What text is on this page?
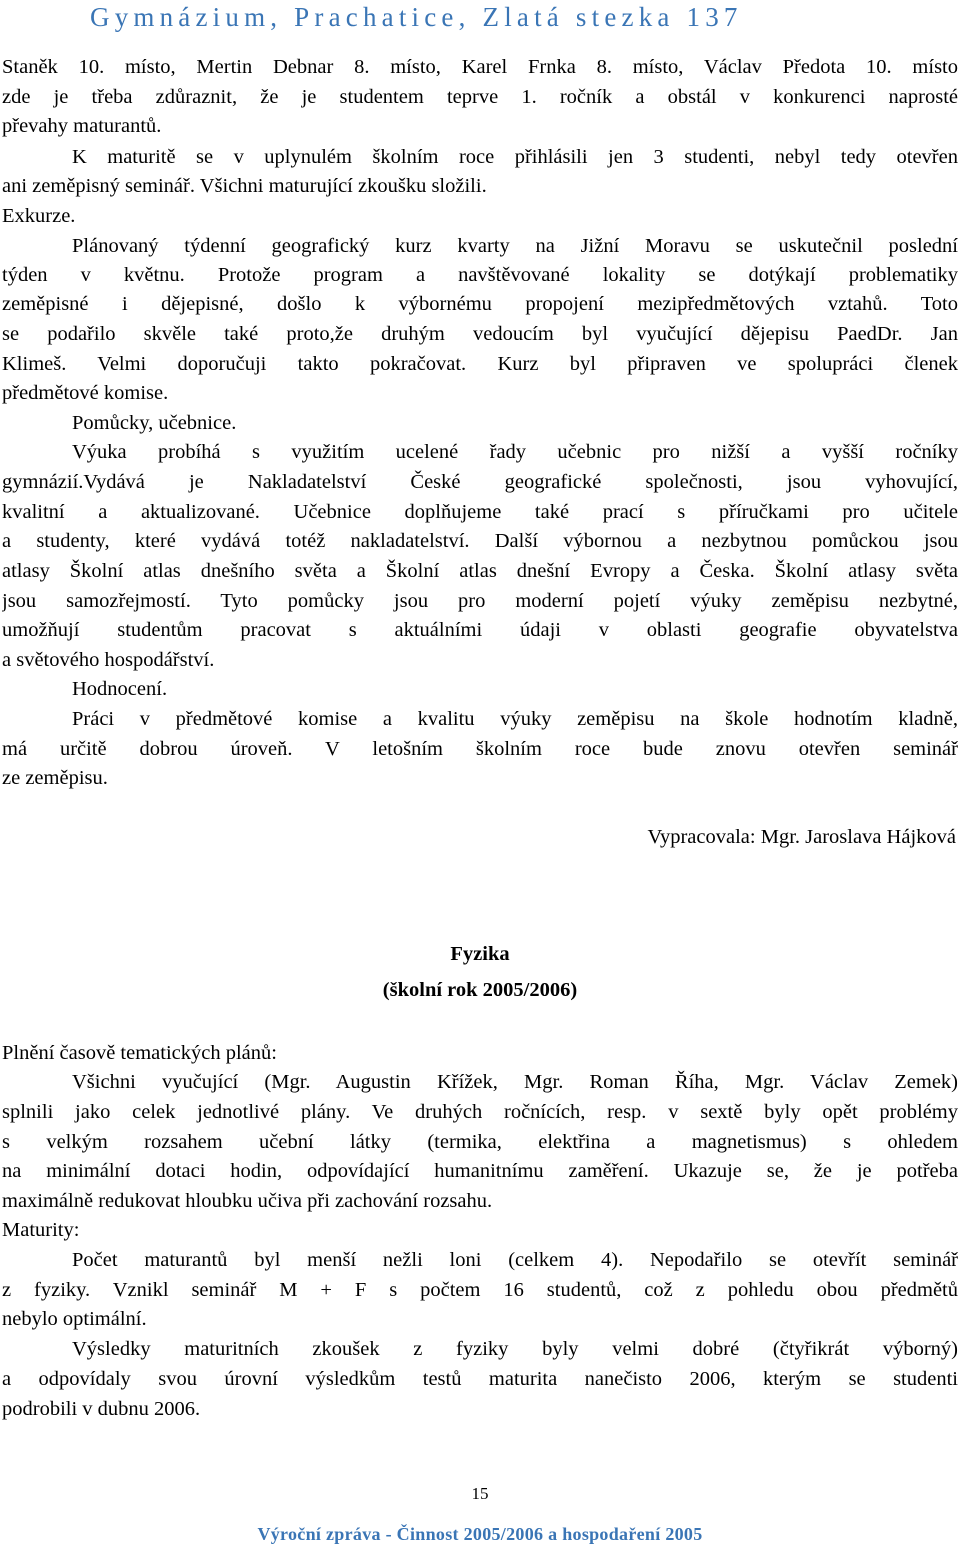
Gymnázium, Prachatice, Zlatá stezka 137
Staněk 10. místo, Mertin Debnar 8. místo, Karel Frnka 8. místo, Václav Předota 10. místo
zde je třeba zdůraznit, že je studentem teprve 1. ročník a obstál v konkurenci naprosté
převahy maturantů.
K maturitě se v uplynulém školním roce přihlásili jen 3 studenti, nebyl tedy otevřen
ani zeměpisný seminář. Všichni maturující zkoušku složili.
Exkurze.
Plánovaný týdenní geografický kurz kvarty na Jižní Moravu se uskutečnil poslední
týden v květnu. Protože program a navštěvované lokality se dotýkají problematiky
zeměpisné i dějepisné, došlo k výbornému propojení mezipředmětových vztahů. Toto
se podařilo skvěle také proto,že druhým vedoucím byl vyučující dějepisu PaedDr. Jan
Klimeš. Velmi doporučuji takto pokračovat. Kurz byl připraven ve spolupráci členek
předmětové komise.
Pomůcky, učebnice.
Výuka probíhá s využitím ucelené řady učebnic pro nižší a vyšší ročníky
gymnázií.Vydává je Nakladatelství České geografické společnosti, jsou vyhovující,
kvalitní a aktualizované. Učebnice doplňujeme také prací s příručkami pro učitele
a studenty, které vydává totéž nakladatelství. Další výbornou a nezbytnou pomůckou jsou
atlasy Školní atlas dnešního světa a Školní atlas dnešní Evropy a Česka. Školní atlasy světa
jsou samozřejmostí. Tyto pomůcky jsou pro moderní pojetí výuky zeměpisu nezbytné,
umožňují studentům pracovat s aktuálními údaji v oblasti geografie obyvatelstva
a světového hospodářství.
Hodnocení.
Práci v předmětové komise a kvalitu výuky zeměpisu na škole hodnotím kladně,
má určitě dobrou úroveň. V letošním školním roce bude znovu otevřen seminář
ze zeměpisu.
Vypracovala: Mgr. Jaroslava Hájková
Fyzika
(školní rok 2005/2006)
Plnění časově tematických plánů:
Všichni vyučující (Mgr. Augustin Křížek, Mgr. Roman Říha, Mgr. Václav Zemek)
splnili jako celek jednotlivé plány. Ve druhých ročnících, resp. v sextě byly opět problémy
s velkým rozsahem učební látky (termika, elektřina a magnetismus) s ohledem
na minimální dotaci hodin, odpovídající humanitnímu zaměření. Ukazuje se, že je potřeba
maximálně redukovat hloubku učiva při zachování rozsahu.
Maturity:
Počet maturantů byl menší nežli loni (celkem 4). Nepodařilo se otevřít seminář
z fyziky. Vznikl seminář M + F s počtem 16 studentů, což z pohledu obou předmětů
nebylo optimální.
Výsledky maturitních zkoušek z fyziky byly velmi dobré (čtyřikrát výborný)
a odpovídaly svou úrovní výsledkům testů maturita nanečisto 2006, kterým se studenti
podrobili v dubnu 2006.
15
Výroční zpráva - Činnost 2005/2006 a hospodaření 2005
